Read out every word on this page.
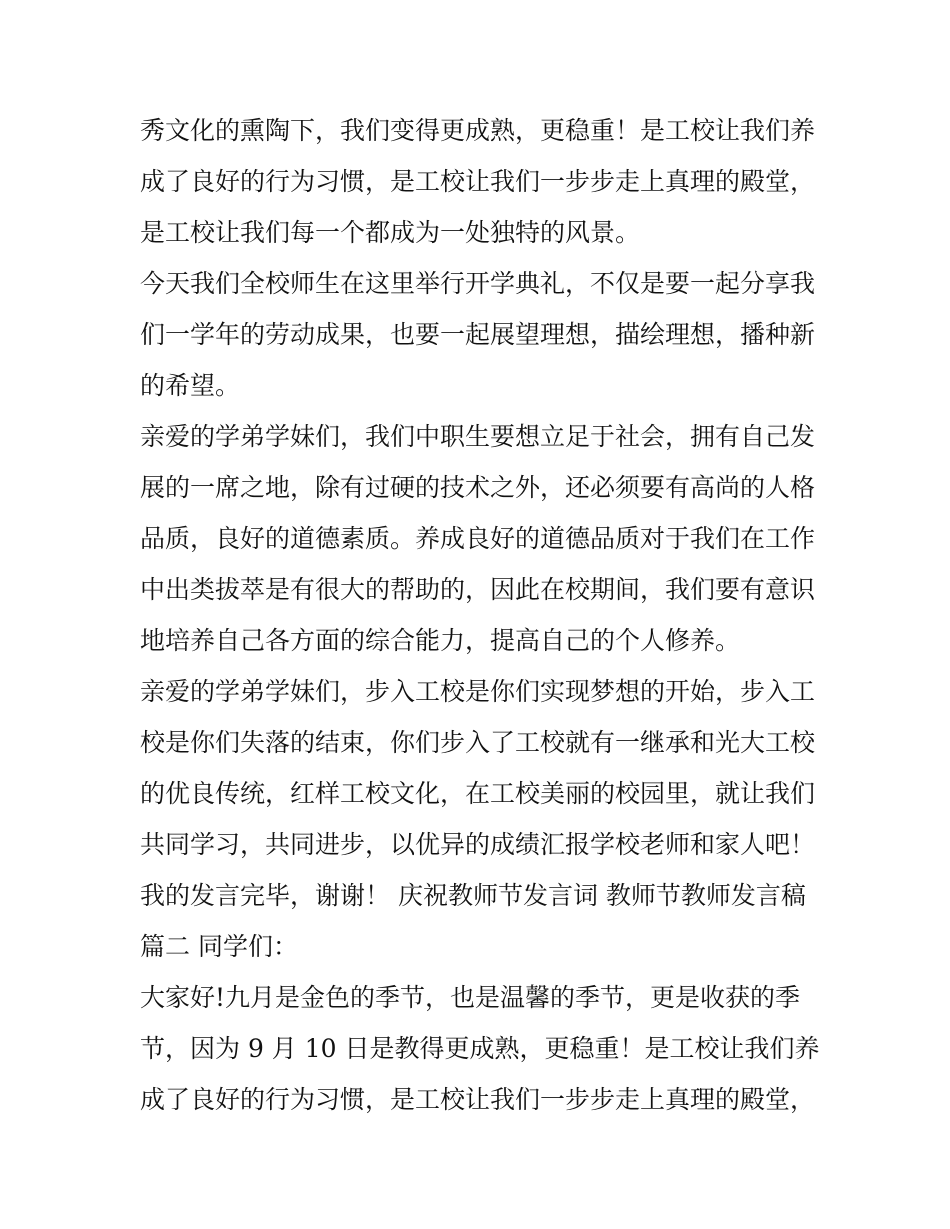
秀文化的熏陶下，我们变得更成熟，更稳重！是工校让我们养
成了良好的行为习惯，是工校让我们一步步走上真理的殿堂，
是工校让我们每一个都成为一处独特的风景。
今天我们全校师生在这里举行开学典礼，不仅是要一起分享我
们一学年的劳动成果，也要一起展望理想，描绘理想，播种新
的希望。
亲爱的学弟学妹们，我们中职生要想立足于社会，拥有自己发
展的一席之地，除有过硬的技术之外，还必须要有高尚的人格
品质，良好的道德素质。养成良好的道德品质对于我们在工作
中出类拔萃是有很大的帮助的，因此在校期间，我们要有意识
地培养自己各方面的综合能力，提高自己的个人修养。
亲爱的学弟学妹们，步入工校是你们实现梦想的开始，步入工
校是你们失落的结束，你们步入了工校就有一继承和光大工校
的优良传统，红样工校文化，在工校美丽的校园里，就让我们
共同学习，共同进步，以优异的成绩汇报学校老师和家人吧！
我的发言完毕，谢谢！ 庆祝教师节发言词 教师节教师发言稿
篇二 同学们：
大家好!九月是金色的季节，也是温馨的季节，更是收获的季
节，因为 9 月 10 日是教得更成熟，更稳重！是工校让我们养
成了良好的行为习惯，是工校让我们一步步走上真理的殿堂，
